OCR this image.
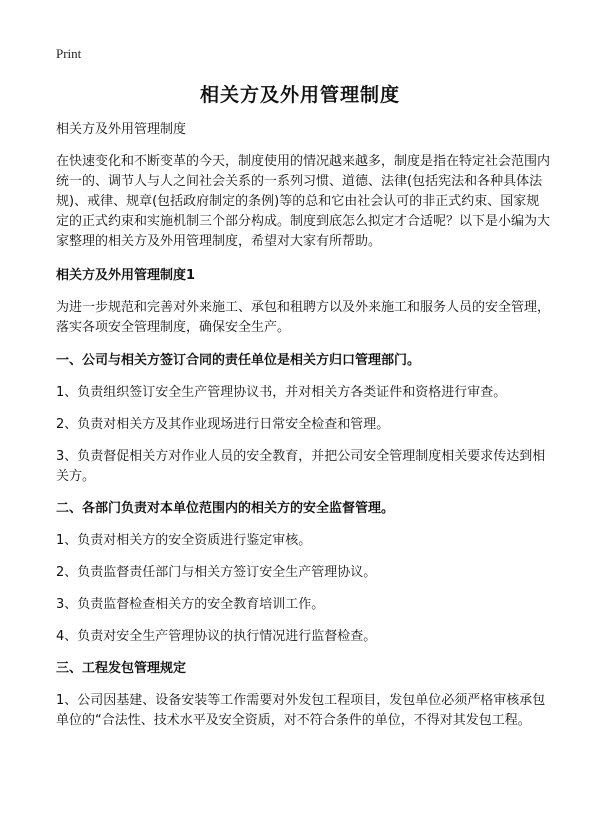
Print
相关方及外用管理制度

相关方及外用管理制度

在快速变化和不断变革的今天，制度使用的情况越来越多，制度是指在特定社会范围内统一的、调节人与人之间社会关系的一系列习惯、道德、法律(包括宪法和各种具体法规)、戒律、规章(包括政府制定的条例)等的总和它由社会认可的非正式约束、国家规定的正式约束和实施机制三个部分构成。制度到底怎么拟定才合适呢？以下是小编为大家整理的相关方及外用管理制度，希望对大家有所帮助。

相关方及外用管理制度1

为进一步规范和完善对外来施工、承包和租聘方以及外来施工和服务人员的安全管理，落实各项安全管理制度，确保安全生产。

一、公司与相关方签订合同的责任单位是相关方归口管理部门。

1、负责组织签订安全生产管理协议书，并对相关方各类证件和资格进行审查。

2、负责对相关方及其作业现场进行日常安全检查和管理。

3、负责督促相关方对作业人员的安全教育，并把公司安全管理制度相关要求传达到相关方。

二、各部门负责对本单位范围内的相关方的安全监督管理。

1、负责对相关方的安全资质进行鉴定审核。

2、负责监督责任部门与相关方签订安全生产管理协议。

3、负责监督检查相关方的安全教育培训工作。

4、负责对安全生产管理协议的执行情况进行监督检查。

三、工程发包管理规定

1、公司因基建、设备安装等工作需要对外发包工程项目，发包单位必须严格审核承包单位的“合法性、技术水平及安全资质，对不符合条件的单位，不得对其发包工程。
